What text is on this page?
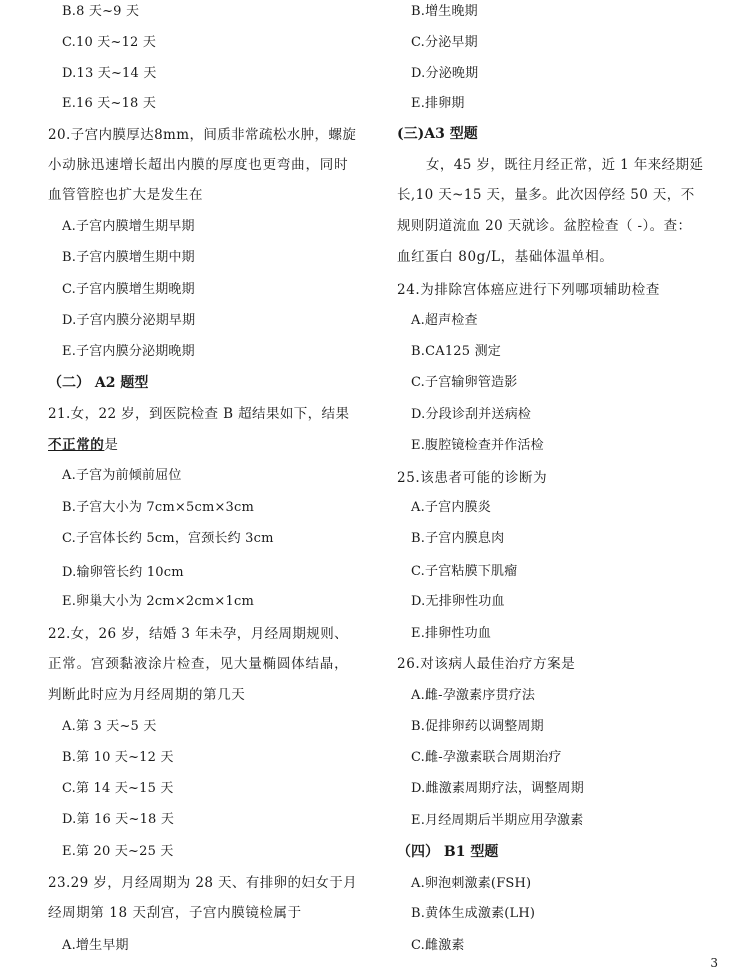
B.8 天~9 天
C.10 天~12 天
D.13 天~14 天
E.16 天~18 天
20.子宫内膜厚达8mm，间质非常疏松水肿，螺旋
小动脉迅速增长超出内膜的厚度也更弯曲，同时
血管管腔也扩大是发生在
A.子宫内膜增生期早期
B.子宫内膜增生期中期
C.子宫内膜增生期晚期
D.子宫内膜分泌期早期
E.子宫内膜分泌期晚期
（二） A2 题型
21.女，22 岁，到医院检查 B 超结果如下，结果
不正常的是
A.子宫为前倾前屈位
B.子宫大小为 7cm×5cm×3cm
C.子宫体长约 5cm，宫颈长约 3cm
D.输卵管长约 10cm
E.卵巢大小为 2cm×2cm×1cm
22.女，26 岁，结婚 3 年未孕，月经周期规则、
正常。宫颈黏液涂片检查，见大量椭圆体结晶，
判断此时应为月经周期的第几天
A.第 3 天~5 天
B.第 10 天~12 天
C.第 14 天~15 天
D.第 16 天~18 天
E.第 20 天~25 天
23.29 岁，月经周期为 28 天、有排卵的妇女于月
经周期第 18 天刮宫，子宫内膜镜检属于
A.增生早期
B.增生晚期
C.分泌早期
D.分泌晚期
E.排卵期
(三)A3 型题
女，45 岁，既往月经正常，近 1 年来经期延
长,10 天~15 天，量多。此次因停经 50 天，不
规则阴道流血 20 天就诊。盆腔检查（ -）。查：
血红蛋白 80g/L，基础体温单相。
24.为排除宫体癌应进行下列哪项辅助检查
A.超声检查
B.CA125 测定
C.子宫输卵管造影
D.分段诊刮并送病检
E.腹腔镜检查并作活检
25.该患者可能的诊断为
A.子宫内膜炎
B.子宫内膜息肉
C.子宫粘膜下肌瘤
D.无排卵性功血
E.排卵性功血
26.对该病人最佳治疗方案是
A.雌-孕激素序贯疗法
B.促排卵药以调整周期
C.雌-孕激素联合周期治疗
D.雌激素周期疗法，调整周期
E.月经周期后半期应用孕激素
（四） B1 型题
A.卵泡刺激素(FSH)
B.黄体生成激素(LH)
C.雌激素
3
